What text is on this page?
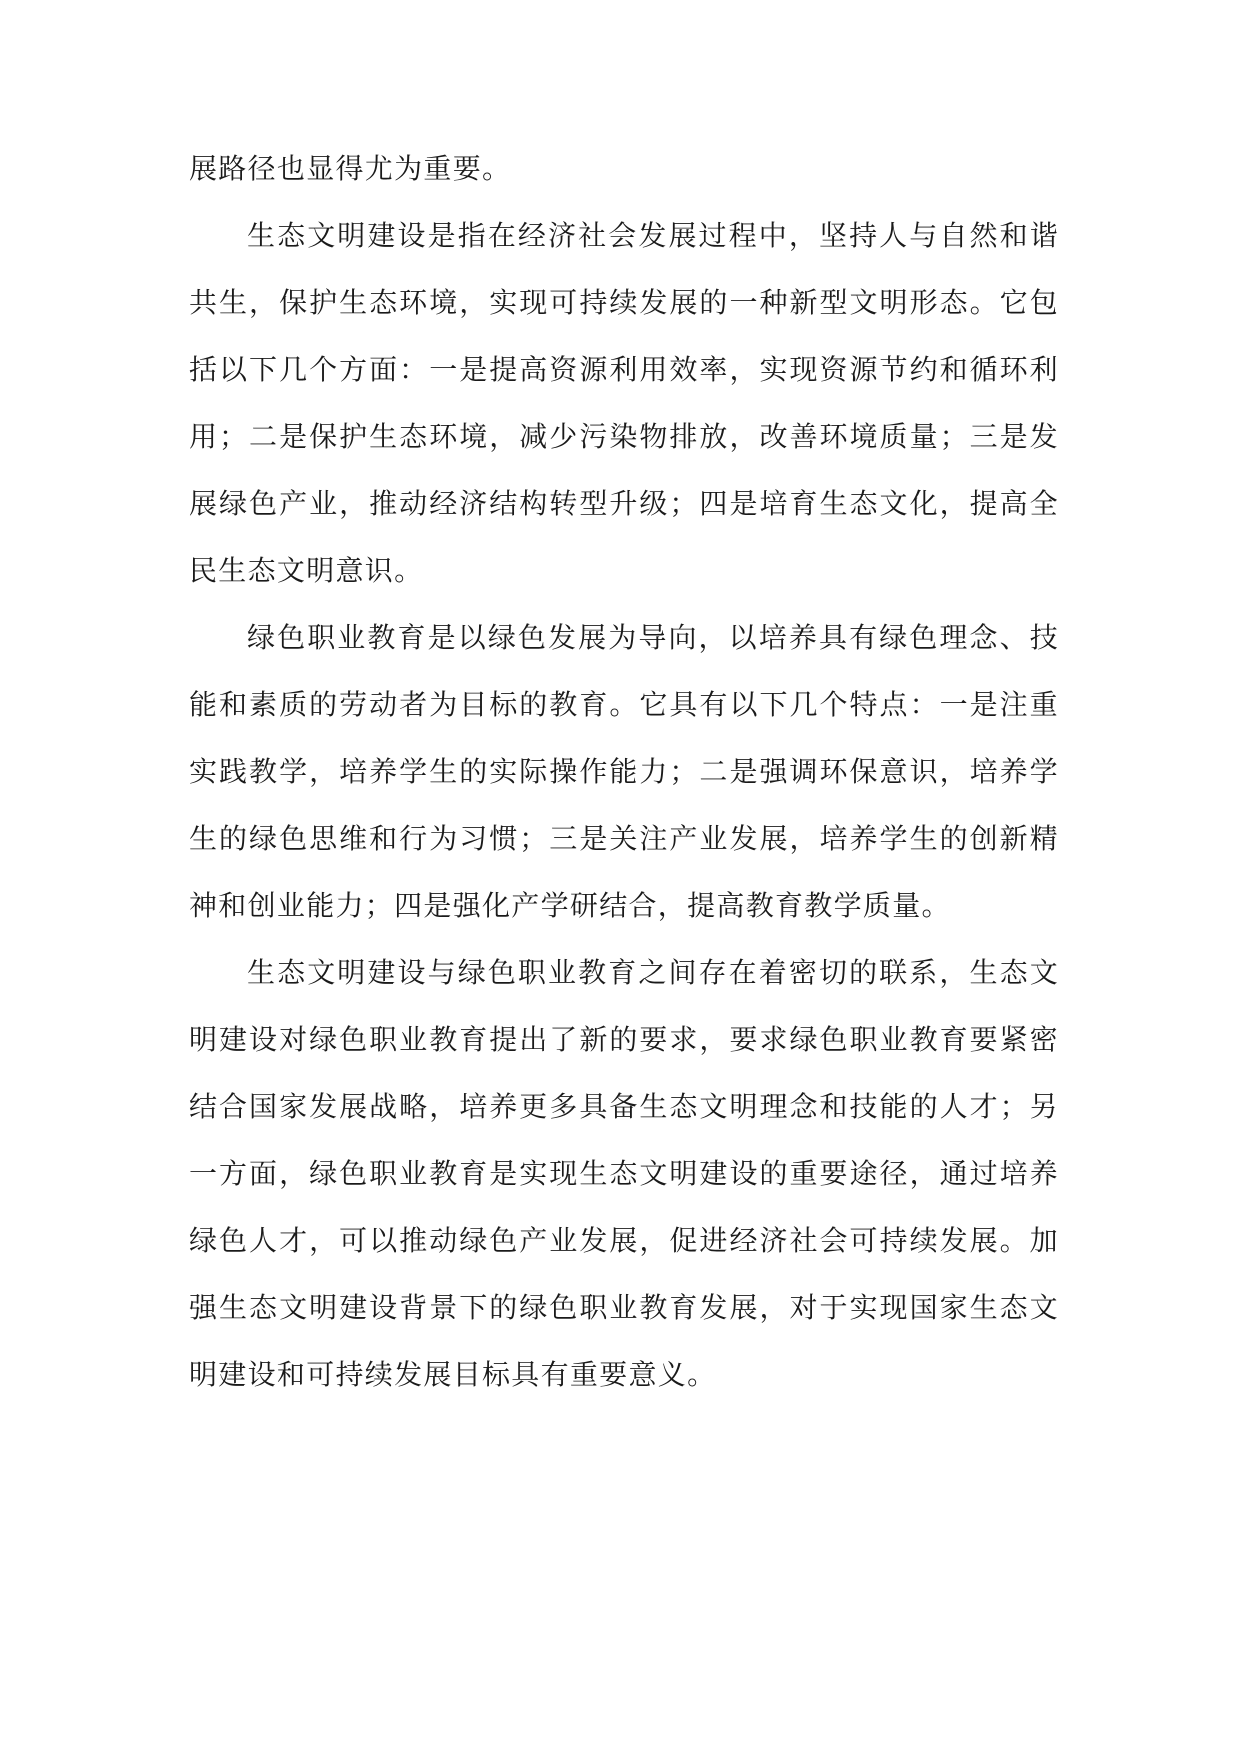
展路径也显得尤为重要。

生态文明建设是指在经济社会发展过程中，坚持人与自然和谐共生，保护生态环境，实现可持续发展的一种新型文明形态。它包括以下几个方面：一是提高资源利用效率，实现资源节约和循环利用；二是保护生态环境，减少污染物排放，改善环境质量；三是发展绿色产业，推动经济结构转型升级；四是培育生态文化，提高全民生态文明意识。

绿色职业教育是以绿色发展为导向，以培养具有绿色理念、技能和素质的劳动者为目标的教育。它具有以下几个特点：一是注重实践教学，培养学生的实际操作能力；二是强调环保意识，培养学生的绿色思维和行为习惯；三是关注产业发展，培养学生的创新精神和创业能力；四是强化产学研结合，提高教育教学质量。

生态文明建设与绿色职业教育之间存在着密切的联系，生态文明建设对绿色职业教育提出了新的要求，要求绿色职业教育要紧密结合国家发展战略，培养更多具备生态文明理念和技能的人才；另一方面，绿色职业教育是实现生态文明建设的重要途径，通过培养绿色人才，可以推动绿色产业发展，促进经济社会可持续发展。加强生态文明建设背景下的绿色职业教育发展，对于实现国家生态文明建设和可持续发展目标具有重要意义。
